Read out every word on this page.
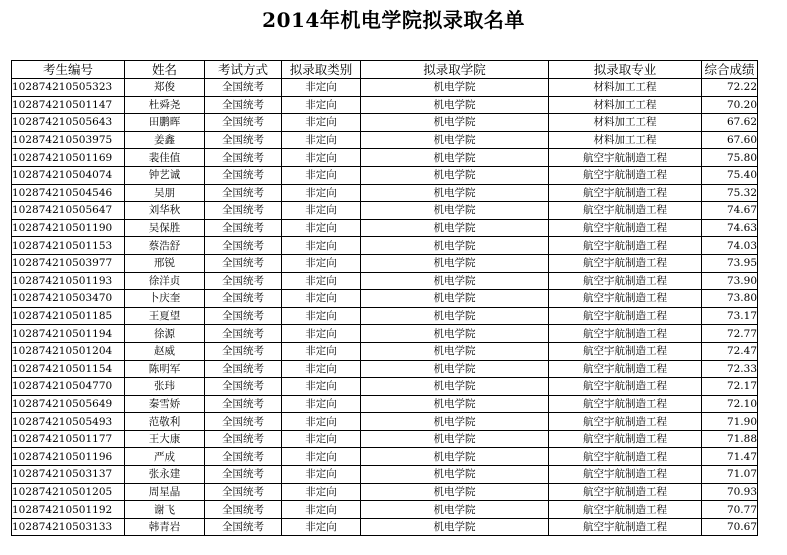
2014年机电学院拟录取名单
考生编号	姓名	考试方式	拟录取类别	拟录取学院	拟录取专业	综合成绩
102874210505323	郑俊	全国统考	非定向	机电学院	材料加工工程	72.22
102874210501147	杜舜尧	全国统考	非定向	机电学院	材料加工工程	70.20
102874210505643	田鹏晖	全国统考	非定向	机电学院	材料加工工程	67.62
102874210503975	姜鑫	全国统考	非定向	机电学院	材料加工工程	67.60
102874210501169	裴佳值	全国统考	非定向	机电学院	航空宇航制造工程	75.80
102874210504074	钟艺诚	全国统考	非定向	机电学院	航空宇航制造工程	75.40
102874210504546	吴朋	全国统考	非定向	机电学院	航空宇航制造工程	75.32
102874210505647	刘华秋	全国统考	非定向	机电学院	航空宇航制造工程	74.67
102874210501190	吴保胜	全国统考	非定向	机电学院	航空宇航制造工程	74.63
102874210501153	蔡浩舒	全国统考	非定向	机电学院	航空宇航制造工程	74.03
102874210503977	邢锐	全国统考	非定向	机电学院	航空宇航制造工程	73.95
102874210501193	徐洋贞	全国统考	非定向	机电学院	航空宇航制造工程	73.90
102874210503470	卜庆奎	全国统考	非定向	机电学院	航空宇航制造工程	73.80
102874210501185	王夏望	全国统考	非定向	机电学院	航空宇航制造工程	73.17
102874210501194	徐源	全国统考	非定向	机电学院	航空宇航制造工程	72.77
102874210501204	赵威	全国统考	非定向	机电学院	航空宇航制造工程	72.47
102874210501154	陈明军	全国统考	非定向	机电学院	航空宇航制造工程	72.33
102874210504770	张玮	全国统考	非定向	机电学院	航空宇航制造工程	72.17
102874210505649	秦雪娇	全国统考	非定向	机电学院	航空宇航制造工程	72.10
102874210505493	范敬利	全国统考	非定向	机电学院	航空宇航制造工程	71.90
102874210501177	王大康	全国统考	非定向	机电学院	航空宇航制造工程	71.88
102874210501196	严成	全国统考	非定向	机电学院	航空宇航制造工程	71.47
102874210503137	张永建	全国统考	非定向	机电学院	航空宇航制造工程	71.07
102874210501205	周星晶	全国统考	非定向	机电学院	航空宇航制造工程	70.93
102874210501192	谢飞	全国统考	非定向	机电学院	航空宇航制造工程	70.77
102874210503133	韩青岩	全国统考	非定向	机电学院	航空宇航制造工程	70.67
